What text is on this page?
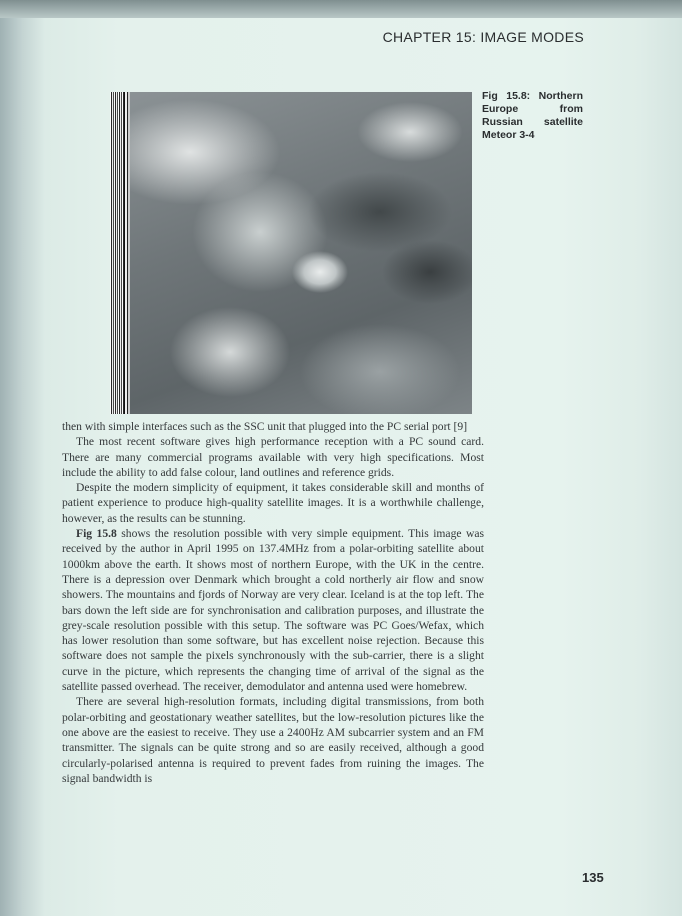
CHAPTER 15: IMAGE MODES
Fig 15.8: Northern Europe from Russian satellite Meteor 3-4

then with simple interfaces such as the SSC unit that plugged into the PC serial port [9]

The most recent software gives high performance reception with a PC sound card. There are many commercial programs available with very high specifications. Most include the ability to add false colour, land outlines and reference grids.

Despite the modern simplicity of equipment, it takes considerable skill and months of patient experience to produce high-quality satellite images. It is a worthwhile challenge, however, as the results can be stunning.

Fig 15.8 shows the resolution possible with very simple equipment. This image was received by the author in April 1995 on 137.4MHz from a polar-orbiting satellite about 1000km above the earth. It shows most of northern Europe, with the UK in the centre. There is a depression over Denmark which brought a cold northerly air flow and snow showers. The mountains and fjords of Norway are very clear. Iceland is at the top left. The bars down the left side are for synchronisation and calibration purposes, and illustrate the grey-scale resolution possible with this setup. The software was PC Goes/Wefax, which has lower resolution than some software, but has excellent noise rejection. Because this software does not sample the pixels synchronously with the sub-carrier, there is a slight curve in the picture, which represents the changing time of arrival of the signal as the satellite passed overhead. The receiver, demodulator and antenna used were homebrew.

There are several high-resolution formats, including digital transmissions, from both polar-orbiting and geostationary weather satellites, but the low-resolution pictures like the one above are the easiest to receive. They use a 2400Hz AM subcarrier system and an FM transmitter. The signals can be quite strong and so are easily received, although a good circularly-polarised antenna is required to prevent fades from ruining the images. The signal bandwidth is

135
